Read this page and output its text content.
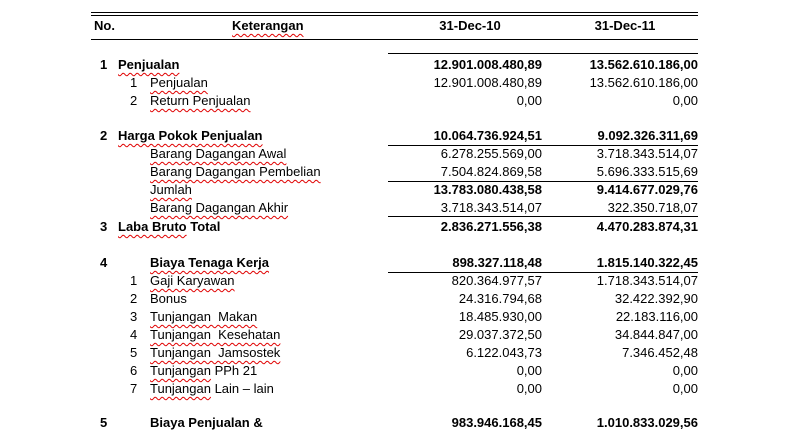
No.	Keterangan	31-Dec-10	31-Dec-11
1 Penjualan	12.901.008.480,89	13.562.610.186,00
1 Penjualan	12.901.008.480,89	13.562.610.186,00
2 Return Penjualan	0,00	0,00
2 Harga Pokok Penjualan	10.064.736.924,51	9.092.326.311,69
Barang Dagangan Awal	6.278.255.569,00	3.718.343.514,07
Barang Dagangan Pembelian	7.504.824.869,58	5.696.333.515,69
Jumlah	13.783.080.438,58	9.414.677.029,76
Barang Dagangan Akhir	3.718.343.514,07	322.350.718,07
3 Laba Bruto Total	2.836.271.556,38	4.470.283.874,31
4	Biaya Tenaga Kerja	898.327.118,48	1.815.140.322,45
1 Gaji Karyawan	820.364.977,57	1.718.343.514,07
2 Bonus	24.316.794,68	32.422.392,90
3 Tunjangan  Makan	18.485.930,00	22.183.116,00
4 Tunjangan  Kesehatan	29.037.372,50	34.844.847,00
5 Tunjangan  Jamsostek	6.122.043,73	7.346.452,48
6 Tunjangan PPh 21	0,00	0,00
7 Tunjangan Lain – lain	0,00	0,00
5	Biaya Penjualan &	983.946.168,45	1.010.833.029,56
